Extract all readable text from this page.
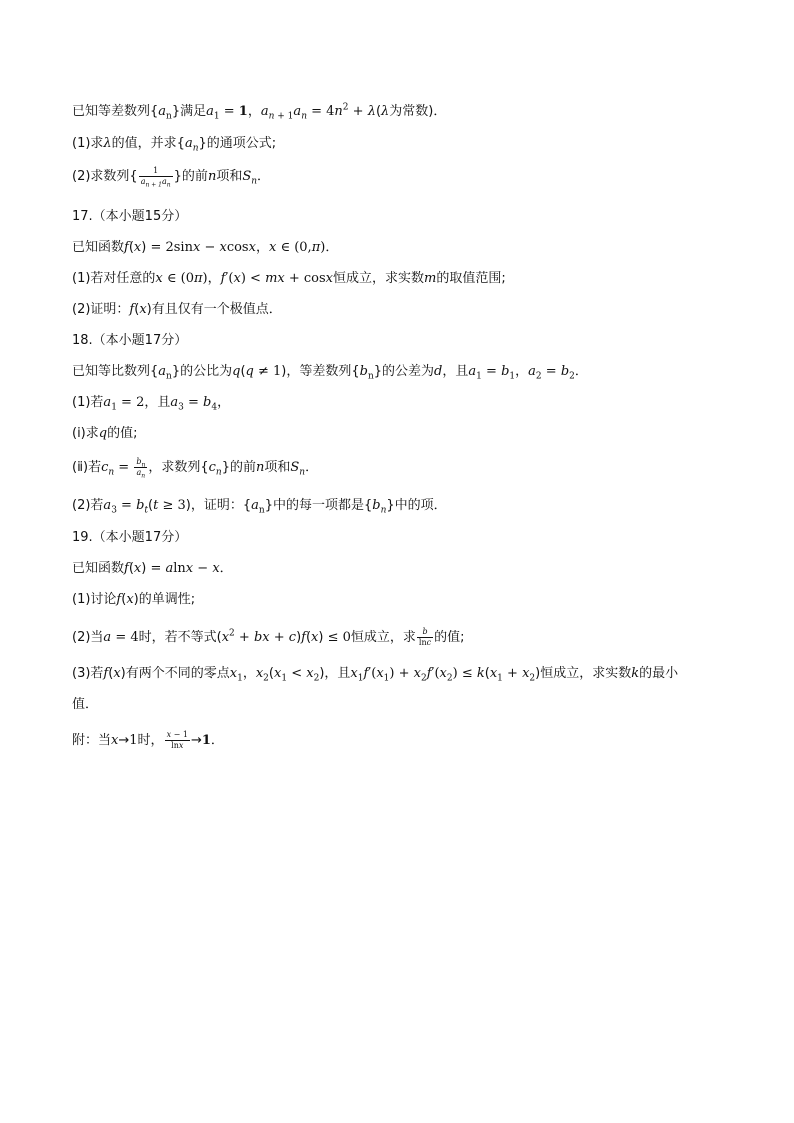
已知等差数列$\{a_n\}$满足$a_1 = 1$，$a_{n + 1}a_n = 4n^2 + \lambda(\lambda$为常数)．
(1)求λ的值，并求$\{a_n\}$的通项公式;
(2)求数列{ $\frac{1}{a_{n + 1}a_n}$ }的前n项和$S_n$．
17.（本小题15分）
已知函数f(x) = 2sinx − xcosx，x ∈ (0,π)．
(1)若对任意的x ∈ (0π)，f′(x) < mx + cosx恒成立，求实数m的取值范围;
(2)证明：f(x)有且仅有一个极值点．
18.（本小题17分）
已知等比数列$\{a_n\}$的公比为q(q ≠ 1)，等差数列$\{b_n\}$的公差为d，且$a_1 = b_1$，$a_2 = b_2$．
(1)若$a_1 = 2$，且$a_3 = b_4$，
(ⅰ)求q的值;
(ⅱ)若$c_n = \frac{b_n}{a_n}$ ，求数列$\{c_n\}$的前n项和$S_n$．
(2)若$a_3 = b_t(t \ge 3)$，证明：$\{a_n\}$中的每一项都是$\{b_n\}$中的项．
19.（本小题17分）
已知函数f(x) = alnx − x．
(1)讨论f(x)的单调性;
(2)当a = 4时，若不等式($x^2$ + bx + c)f(x) ≤ 0恒成立，求 $\frac{b}{\ln c}$ 的值;
(3)若f(x)有两个不同的零点$x_1$，$x_2(x_1 < x_2)$，且$x_1f'(x_1) + x_2f'(x_2) \le k(x_1 + x_2)$恒成立，求实数k的最小
值．
附：当x→1时， $\frac{x - 1}{\ln x} \to 1$．
